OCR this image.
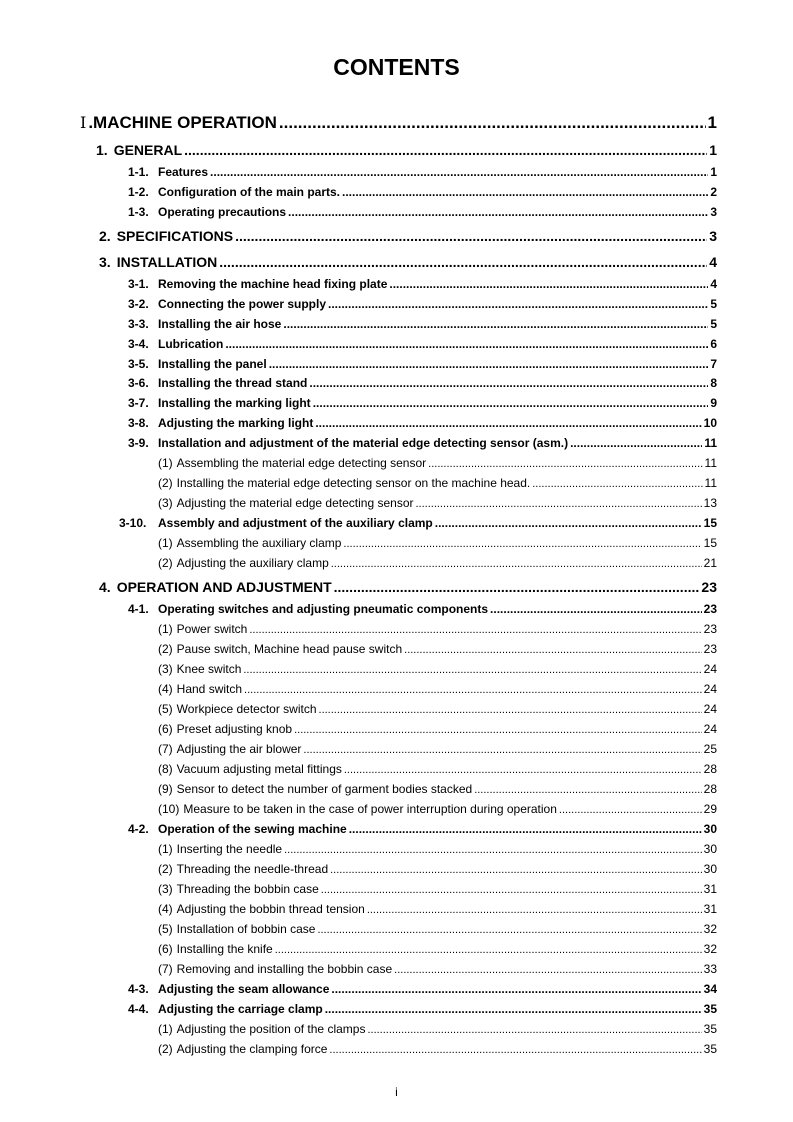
CONTENTS
Ⅰ .MACHINE OPERATION .....	1
1. GENERAL .....	1
1-1. Features .....	1
1-2. Configuration of the main parts. .....	2
1-3. Operating precautions .....	3
2. SPECIFICATIONS .....	3
3. INSTALLATION .....	4
3-1. Removing the machine head fixing plate .....	4
3-2. Connecting the power supply .....	5
3-3. Installing the air hose .....	5
3-4. Lubrication .....	6
3-5. Installing the panel .....	7
3-6. Installing the thread stand .....	8
3-7. Installing the marking light .....	9
3-8. Adjusting the marking light .....	10
3-9. Installation and adjustment of the material edge detecting sensor (asm.) .....	11
(1) Assembling the material edge detecting sensor .....	11
(2) Installing the material edge detecting sensor on the machine head. .....	11
(3) Adjusting the material edge detecting sensor .....	13
3-10. Assembly and adjustment of the auxiliary clamp .....	15
(1) Assembling the auxiliary clamp .....	15
(2) Adjusting the auxiliary clamp .....	21
4. OPERATION AND ADJUSTMENT .....	23
4-1. Operating switches and adjusting pneumatic components .....	23
(1) Power switch .....	23
(2) Pause switch, Machine head pause switch .....	23
(3) Knee switch .....	24
(4) Hand switch .....	24
(5) Workpiece detector switch .....	24
(6) Preset adjusting knob .....	24
(7) Adjusting the air blower .....	25
(8) Vacuum adjusting metal fittings .....	28
(9) Sensor to detect the number of garment bodies stacked .....	28
(10) Measure to be taken in the case of power interruption during operation .....	29
4-2. Operation of the sewing machine .....	30
(1) Inserting the needle .....	30
(2) Threading the needle-thread .....	30
(3) Threading the bobbin case .....	31
(4) Adjusting the bobbin thread tension .....	31
(5) Installation of bobbin case .....	32
(6) Installing the knife .....	32
(7) Removing and installing the bobbin case .....	33
4-3. Adjusting the seam allowance .....	34
4-4. Adjusting the carriage clamp .....	35
(1) Adjusting the position of the clamps .....	35
(2) Adjusting the clamping force .....	35
i
